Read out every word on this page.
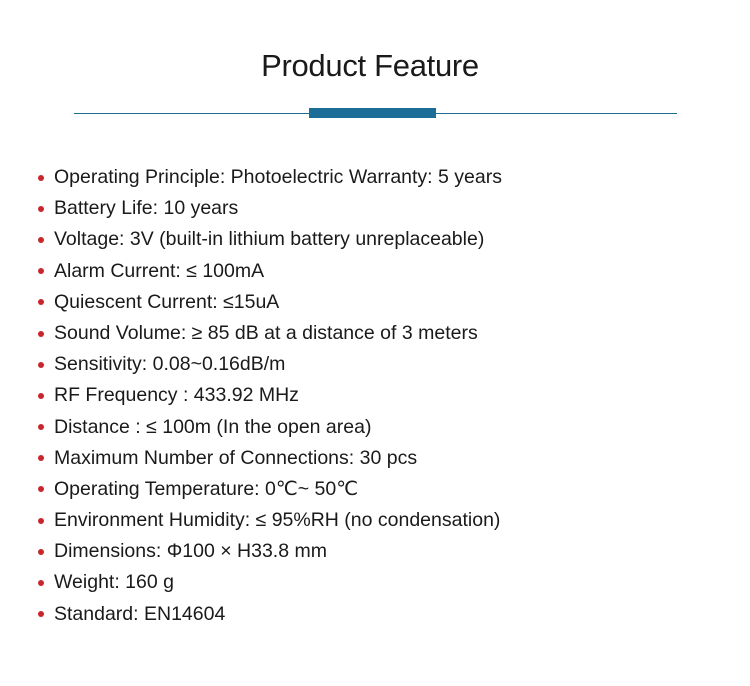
Product Feature
Operating Principle: Photoelectric Warranty: 5 years
Battery Life: 10 years
Voltage: 3V (built-in lithium battery unreplaceable)
Alarm Current: ≤ 100mA
Quiescent Current: ≤15uA
Sound Volume: ≥ 85 dB at a distance of 3 meters
Sensitivity: 0.08~0.16dB/m
RF Frequency : 433.92 MHz
Distance : ≤ 100m (In the open area)
Maximum Number of Connections: 30 pcs
Operating Temperature: 0℃~ 50℃
Environment Humidity: ≤ 95%RH (no condensation)
Dimensions: Φ100 × H33.8 mm
Weight: 160 g
Standard: EN14604
